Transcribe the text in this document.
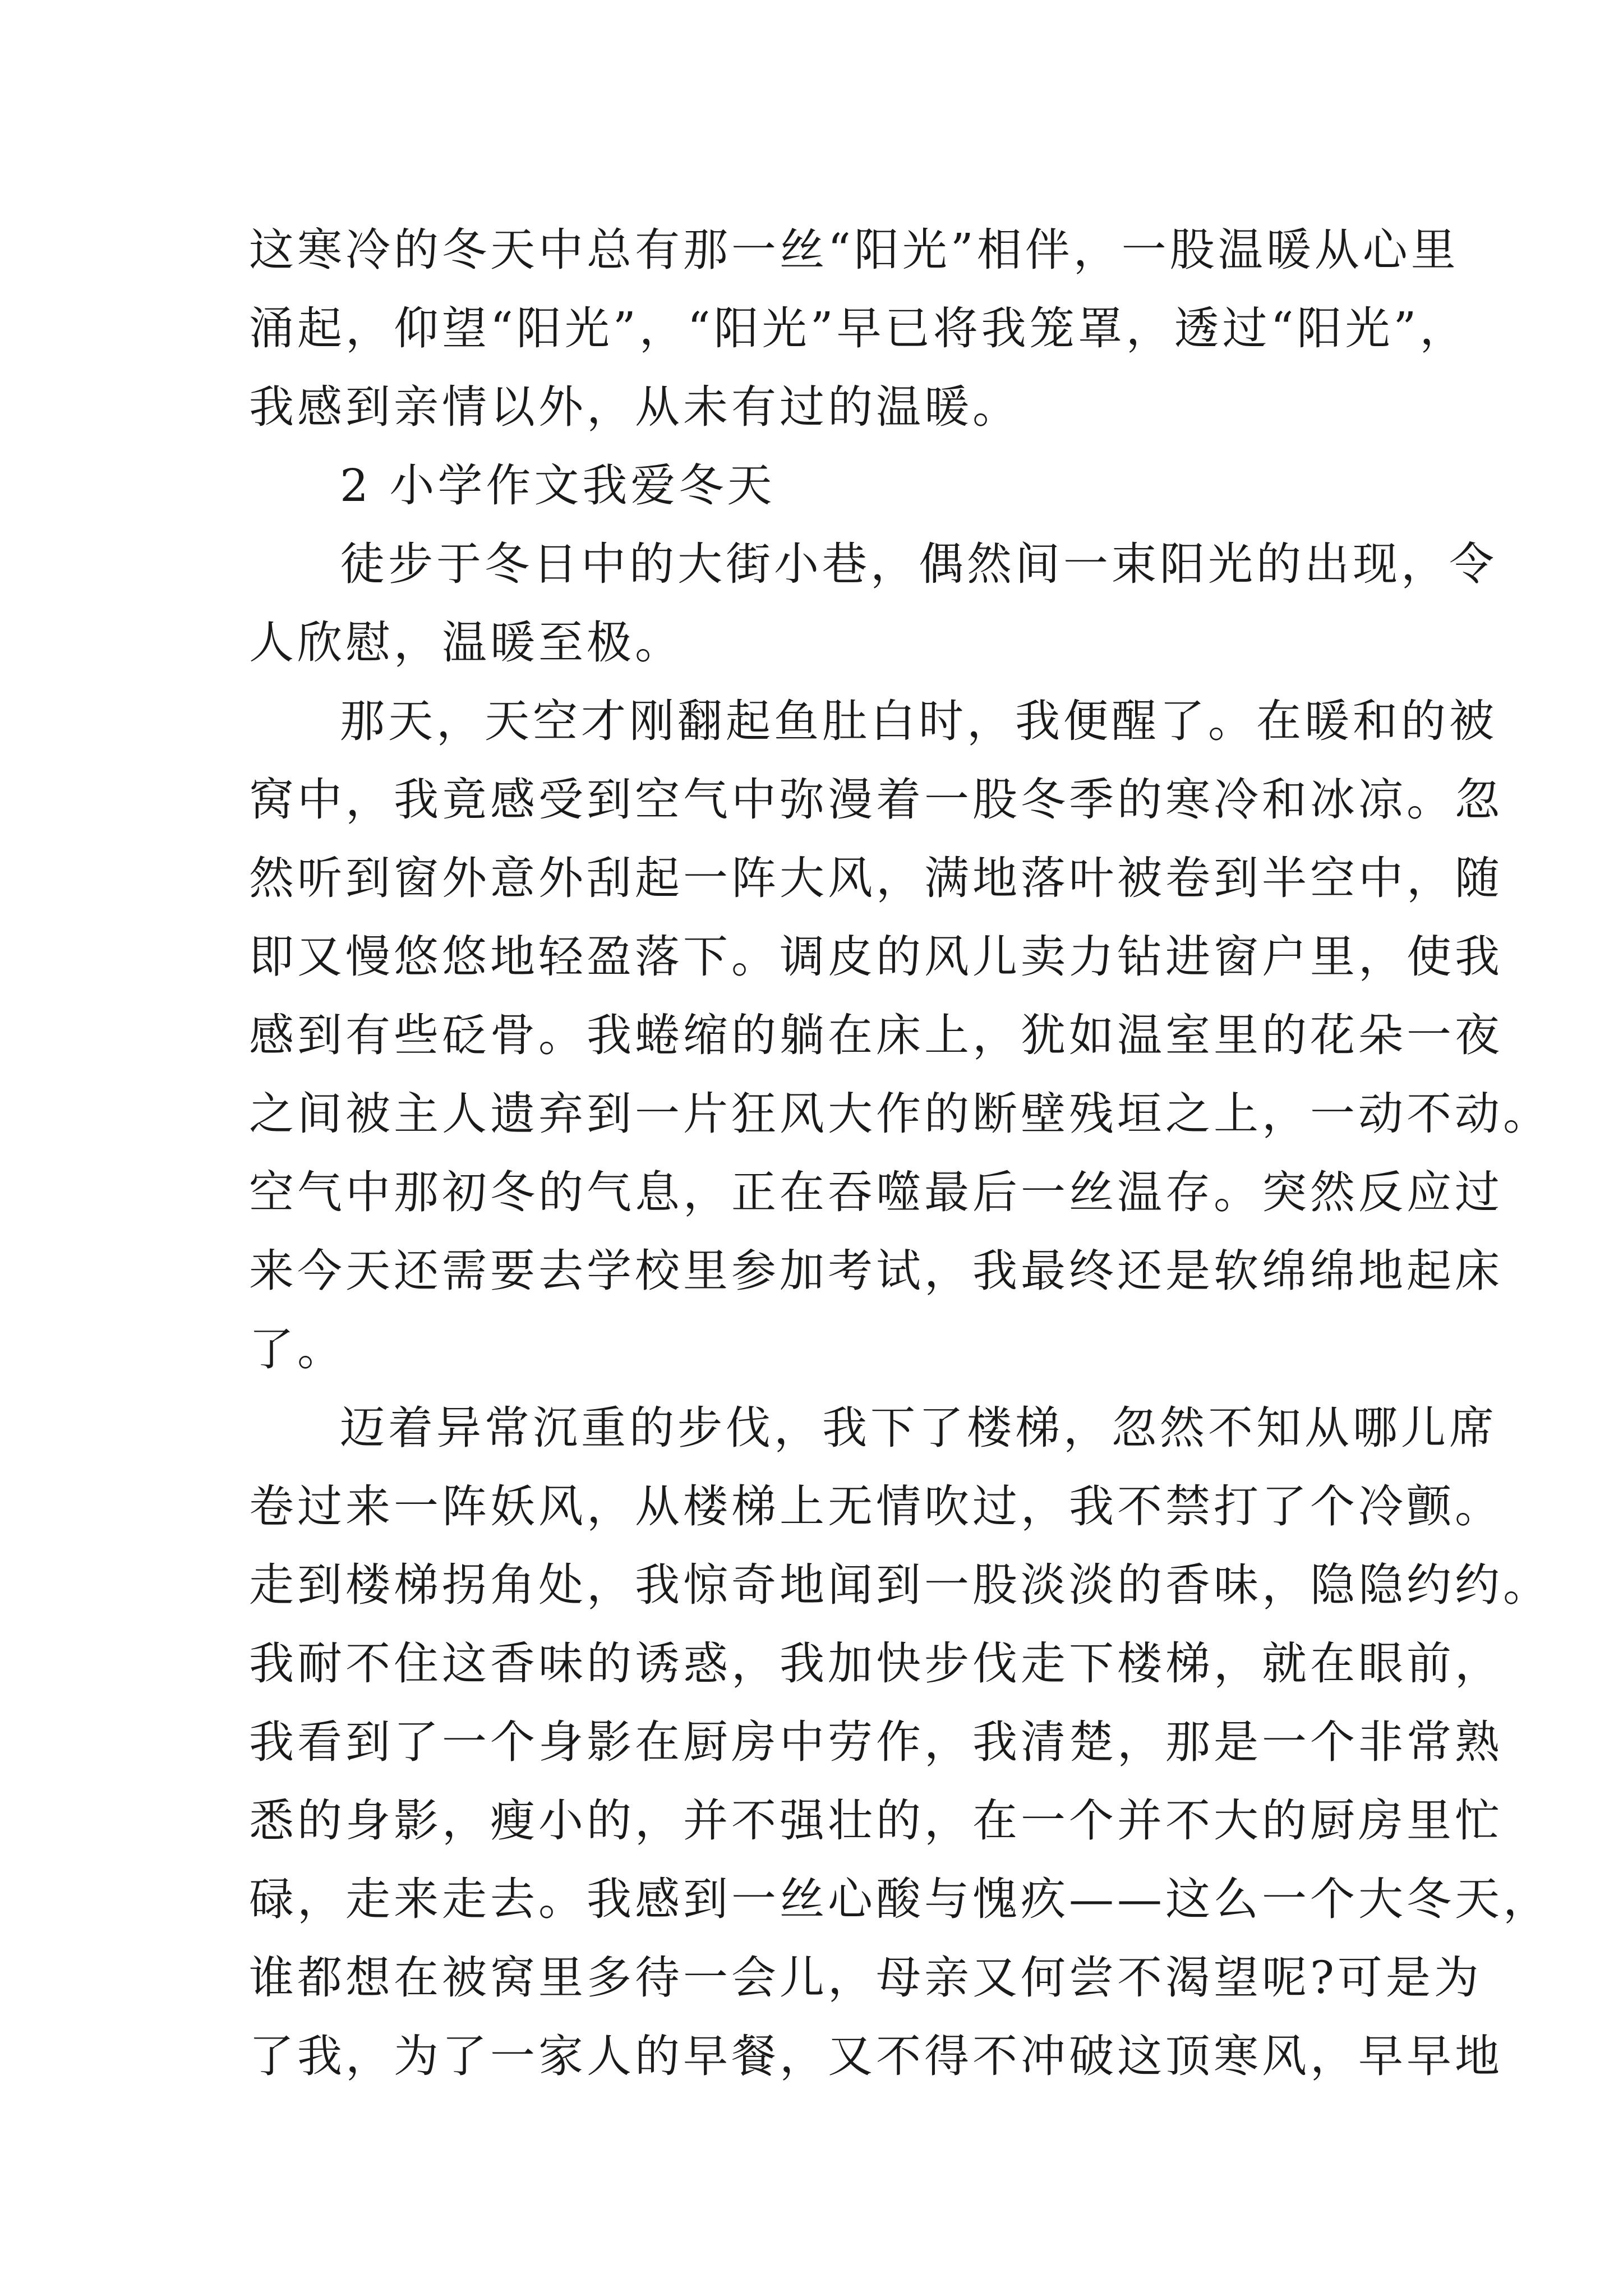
这寒冷的冬天中总有那一丝“阳光”相伴，一股温暖从心里
涌起，仰望“阳光”，“阳光”早已将我笼罩，透过“阳光”，
我感到亲情以外，从未有过的温暖。
2 小学作文我爱冬天
徒步于冬日中的大街小巷，偶然间一束阳光的出现，令
人欣慰，温暖至极。
那天，天空才刚翻起鱼肚白时，我便醒了。在暖和的被
窝中，我竟感受到空气中弥漫着一股冬季的寒冷和冰凉。忽
然听到窗外意外刮起一阵大风，满地落叶被卷到半空中，随
即又慢悠悠地轻盈落下。调皮的风儿卖力钻进窗户里，使我
感到有些砭骨。我蜷缩的躺在床上，犹如温室里的花朵一夜
之间被主人遗弃到一片狂风大作的断壁残垣之上，一动不动。
空气中那初冬的气息，正在吞噬最后一丝温存。突然反应过
来今天还需要去学校里参加考试，我最终还是软绵绵地起床
了。
迈着异常沉重的步伐，我下了楼梯，忽然不知从哪儿席
卷过来一阵妖风，从楼梯上无情吹过，我不禁打了个冷颤。
走到楼梯拐角处，我惊奇地闻到一股淡淡的香味，隐隐约约。
我耐不住这香味的诱惑，我加快步伐走下楼梯，就在眼前，
我看到了一个身影在厨房中劳作，我清楚，那是一个非常熟
悉的身影，瘦小的，并不强壮的，在一个并不大的厨房里忙
碌，走来走去。我感到一丝心酸与愧疚——这么一个大冬天，
谁都想在被窝里多待一会儿，母亲又何尝不渴望呢?可是为
了我，为了一家人的早餐，又不得不冲破这顶寒风，早早地
